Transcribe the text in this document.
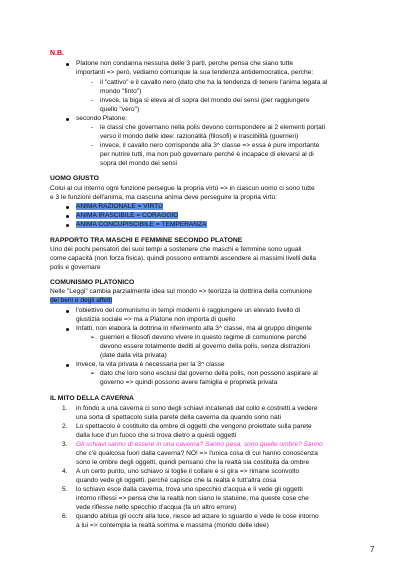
N.B.
Platone non condanna nessuna delle 3 parti, perche pensa che siano tutte
importanti => però, vediamo comunque la sua tendenza antidemocratica, perche:
- il "cattivo" e il cavallo nero (dato che ha la tendenza di tenere l'anima legata al
mondo "finto")
- invece, la biga si eleva al di sopra del mondo dei sensi (per raggiungere
quello "vero")
secondo Platone:
- le classi che governano nella polis devono corrispondere ai 2 elementi portati
verso il mondo delle idee: razionalità (filosofi) e irascibilità (guerrieri)
- invece, il cavallo nero corrisponde alla 3^ classe => essa è pure importante
per nutrire tutti, ma non può governare perché è incapace di elevarsi al di
sopra del mondo dei sensi
UOMO GIUSTO
Colui al cui interno ogni funzione persegue la propria virtù => in ciascun uomo ci sono tutte
e 3 le funzioni dell'anima, ma ciascuna anima deve perseguire la propria virtù:
ANIMA RAZIONALE = VIRTÙ
ANIMA IRASCIBILE = CORAGGIO
ANIMA CONCUPISCIBILE = TEMPERANZA
RAPPORTO TRA MASCHI E FEMMINE SECONDO PLATONE
Uno dei pochi pensatori dei suoi tempi a sostenere che maschi e femmine sono uguali
come capacità (non forza fisica), quindi possono entrambi ascendere ai massimi livelli della
polis e governare
COMUNISMO PLATONICO
Nelle "Leggi" cambia parzialmente idea sul mondo => teorizza la dottrina della comunione
dei beni e degli affetti
l'obiettivo del comunismo in tempi moderni è raggiungere un elevato livello di
giustizia sociale => ma a Platone non importa di quello
Infatti, non elabora la dottrina in riferimento alla 3^ classe, ma al gruppo dirigente
➢ guerrieri e filosofi devono vivere in questo regime di comunione perché
devono essere totalmente dediti al governo della polis, senza distrazioni
(date dalla vita privata)
Invece, la vita privata è necessaria per la 3^ classe
➢ dato che loro sono esclusi dal governo della polis, non possono aspirare al
governo => quindi possono avere famiglia e proprietà privata
IL MITO DELLA CAVERNA
1. in fondo a una caverna ci sono degli schiavi incatenati dal collo e costretti a vedere
una sorta di spettacolo sulla parete della caverna da quando sono nati
2. Lo spettacolo è costituito da ombre di oggetti che vengono proiettate sulla parete
dalla luce d'un fuoco che si trova dietro a questi oggetti
3. Gli schiavi sanno di essere in una caverna? Sanno pesa, sono quelle ombre? Sanno
che c'è qualcosa fuori dalla caverna? NO! => l'unica cosa di cui hanno conoscenza
sono le ombre degli oggetti, quindi pensano che la realtà sia costituita da ombre
4. A un certo punto, uno schiavo si toglie il collare e si gira => rimane sconvolto
quando vede gli oggetti, perché capisce che la realtà è tutt'altra cosa
5. lo schiavo esce dalla caverna, trova uno specchio d'acqua e lì vede gli oggetti
intorno riflessi => pensa che la realtà non siano le statuine, ma queste cose che
vede riflesse nello specchio d'acqua (fa un altro errore)
6. quando abitua gli occhi alla luce, riesce ad alzare lo sguardo e vede le cose intorno
a lui => contempla la realtà somma e massima (mondo delle idee)
7
